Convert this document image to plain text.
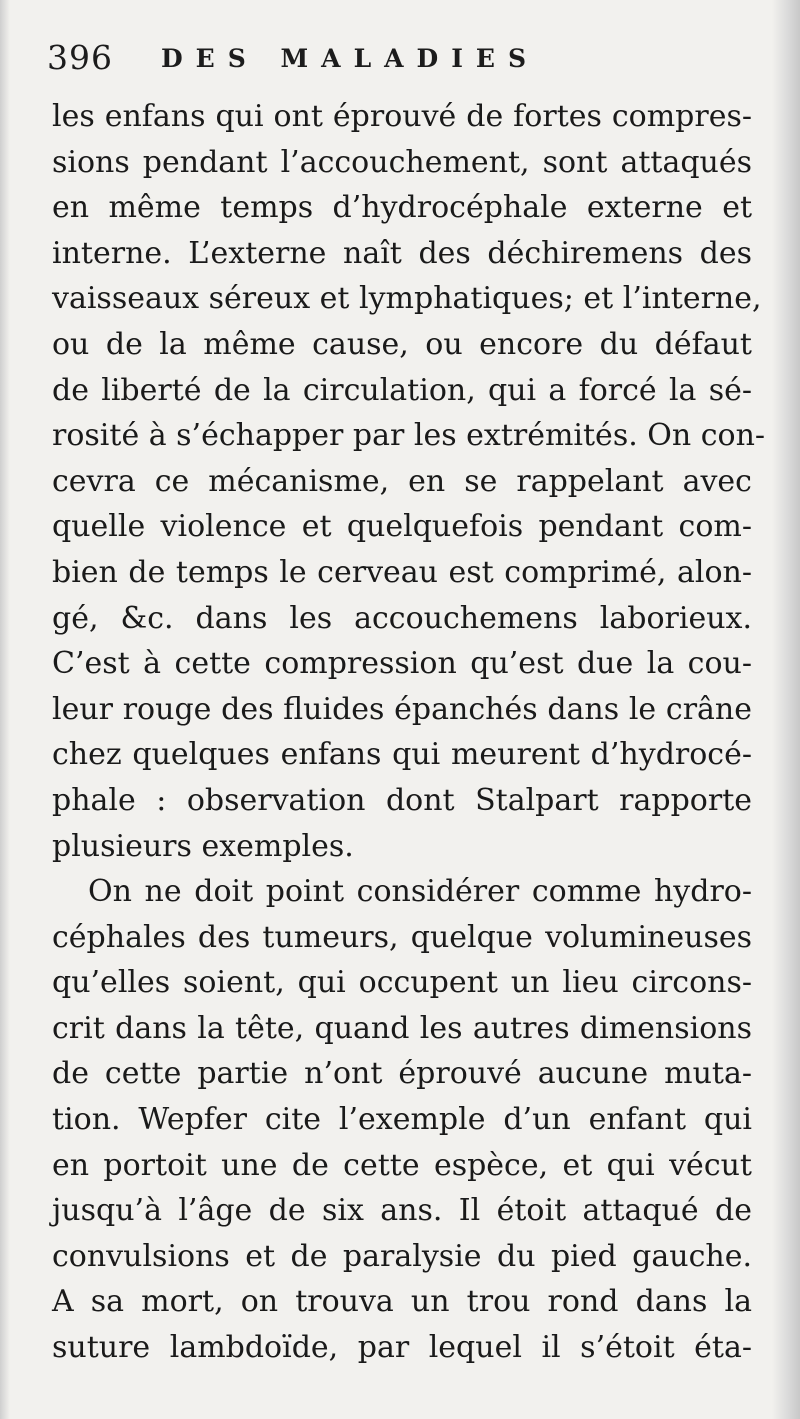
396 DES MALADIES
les enfans qui ont éprouvé de fortes compres-
sions pendant l’accouchement, sont attaqués
en même temps d’hydrocéphale externe et
interne. L’externe naît des déchiremens des
vaisseaux séreux et lymphatiques; et l’interne,
ou de la même cause, ou encore du défaut
de liberté de la circulation, qui a forcé la sé-
rosité à s’échapper par les extrémités. On con-
cevra ce mécanisme, en se rappelant avec
quelle violence et quelquefois pendant com-
bien de temps le cerveau est comprimé, alon-
gé, &c. dans les accouchemens laborieux.
C’est à cette compression qu’est due la cou-
leur rouge des fluides épanchés dans le crâne
chez quelques enfans qui meurent d’hydrocé-
phale : observation dont Stalpart rapporte
plusieurs exemples.
On ne doit point considérer comme hydro-
céphales des tumeurs, quelque volumineuses
qu’elles soient, qui occupent un lieu circons-
crit dans la tête, quand les autres dimensions
de cette partie n’ont éprouvé aucune muta-
tion. Wepfer cite l’exemple d’un enfant qui
en portoit une de cette espèce, et qui vécut
jusqu’à l’âge de six ans. Il étoit attaqué de
convulsions et de paralysie du pied gauche.
A sa mort, on trouva un trou rond dans la
suture lambdoïde, par lequel il s’étoit éta-
